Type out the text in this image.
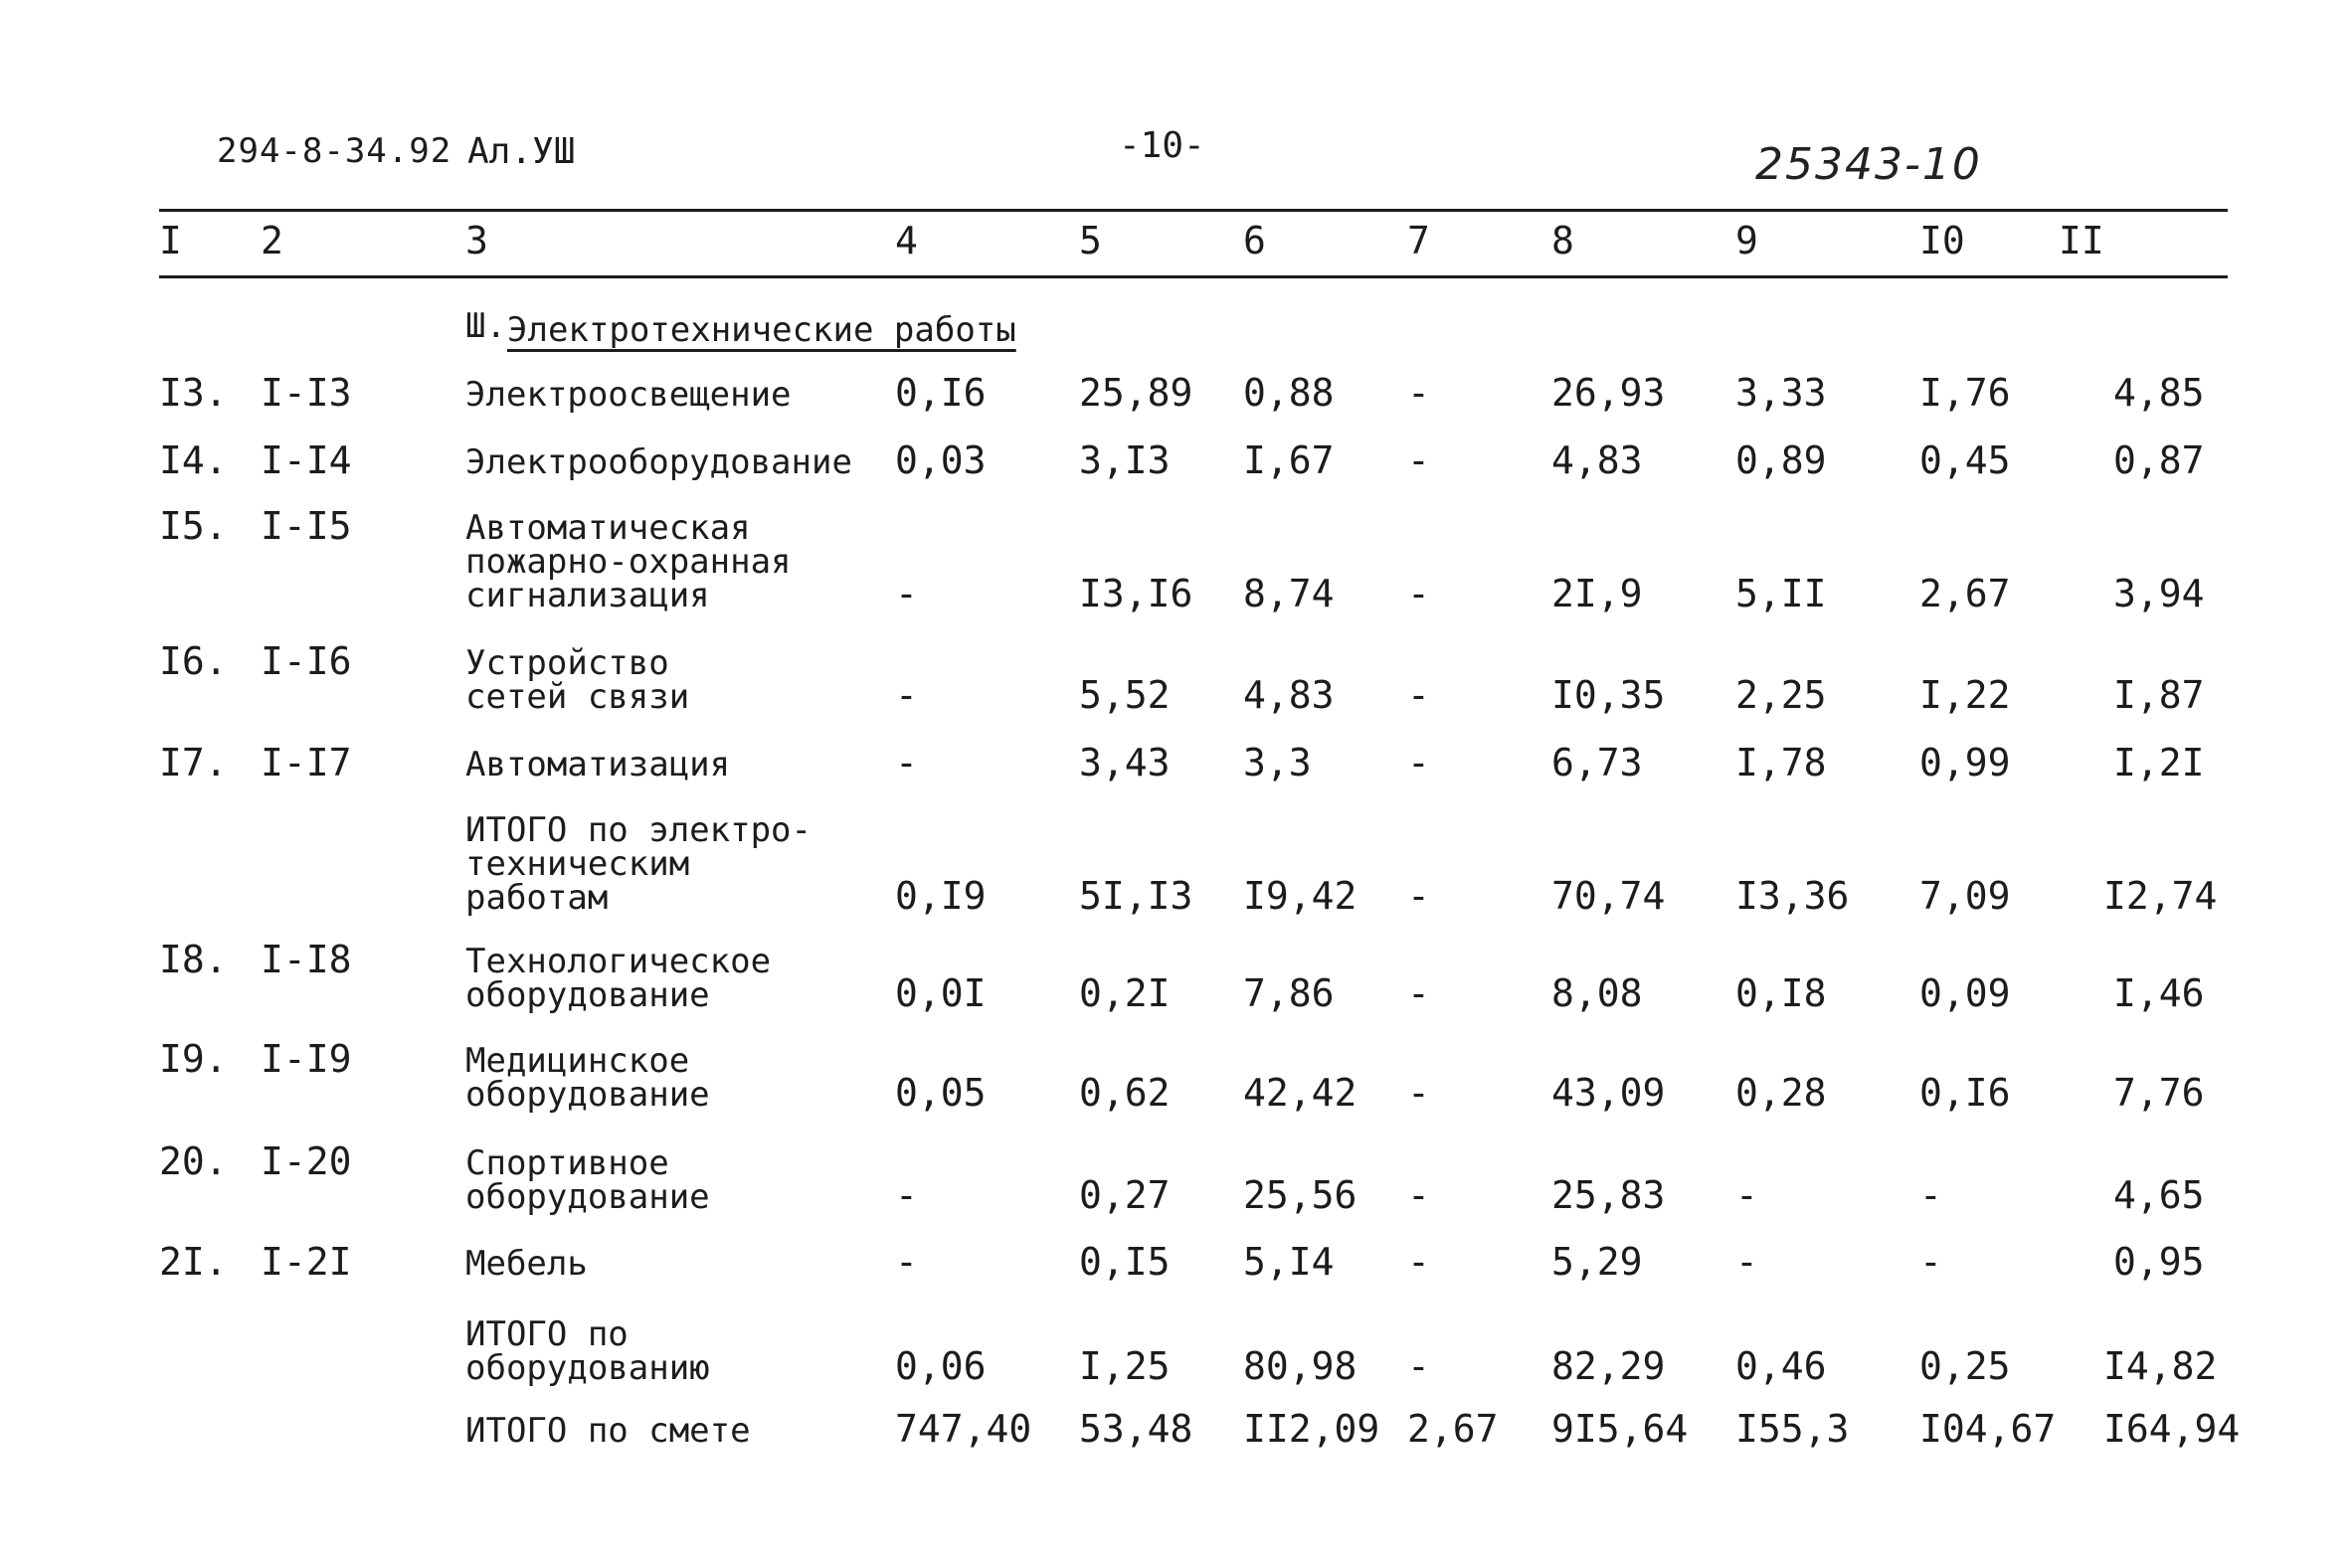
294-8-34.92 Ал.УШ	-10-	25343-10
I 2	3	4	5	6	7	8	9	I0 II
Ш. Электротехнические работы
I3. I-I3	Электроосвещение	0,I6 25,89 0,88 -	26,93 3,33 I,76	4,85
I4. I-I4	Электрооборудование 0,03 3,I3 I,67 -	4,83 0,89 0,45	0,87
I5. I-I5	Автоматическая
пожарно-охранная
сигнализация	-	I3,I6 8,74 -	2I,9 5,II 2,67	3,94
I6. I-I6	Устройство
сетей связи	-	5,52 4,83 -	I0,35 2,25 I,22	I,87
I7. I-I7	Автоматизация	-	3,43 3,3	-	6,73 I,78 0,99	I,2I
ИТОГО по электро-
техническим
работам	0,I9 5I,I3 I9,42 -	70,74 I3,36 7,09 I2,74
I8. I-I8	Технологическое
оборудование	0,0I 0,2I 7,86 -	8,08 0,I8 0,09	I,46
I9. I-I9	Медицинское
оборудование	0,05 0,62 42,42 -	43,09 0,28 0,I6	7,76
20. I-20	Спортивное
оборудование	-	0,27 25,56 -	25,83 -	-	4,65
2I. I-2I	Мебель	-	0,I5 5,I4 -	5,29 -	-	0,95
ИТОГО по
оборудованию	0,06 I,25 80,98 -	82,29 0,46 0,25 I4,82
ИТОГО по смете	747,40 53,48 II2,09 2,67 9I5,64 I55,3 I04,67 I64,94
